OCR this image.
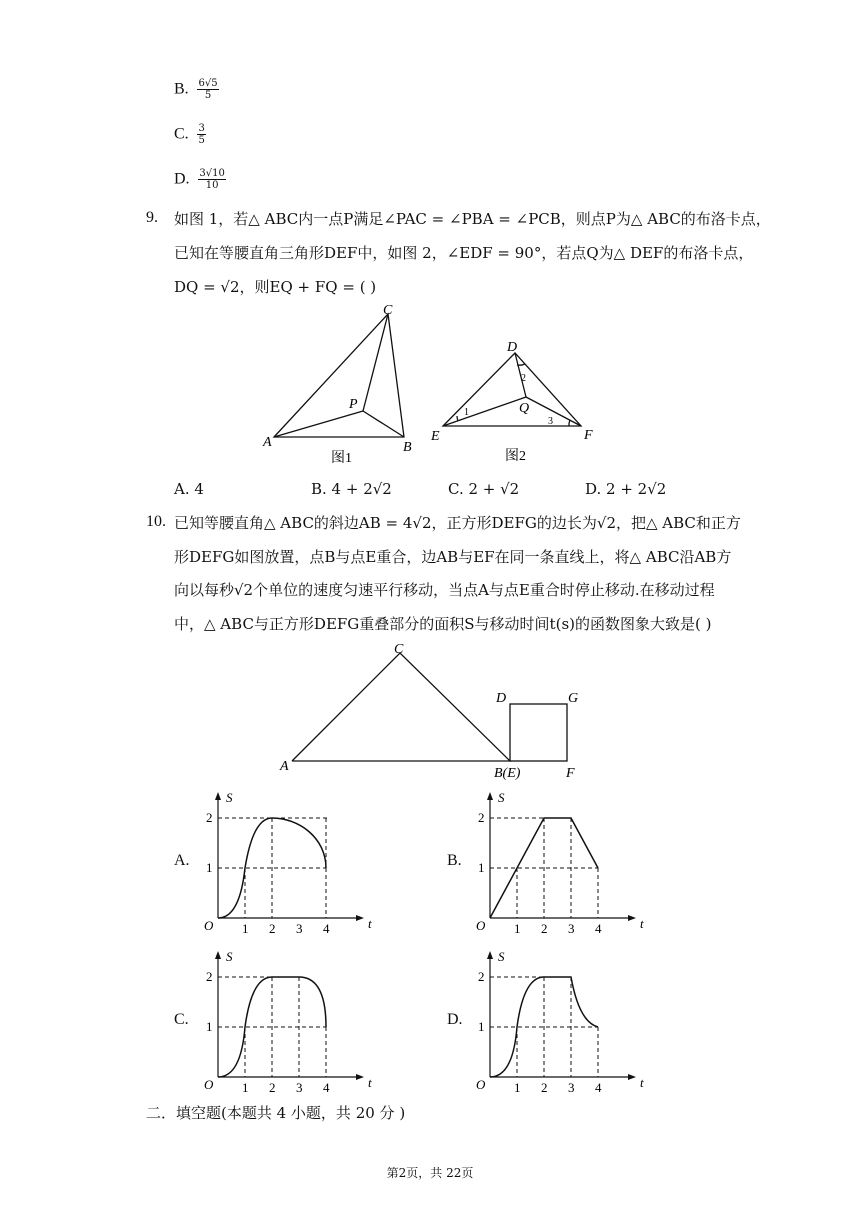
B. $\frac{6√5}{5}$
C. $\frac{3}{5}$
D. $\frac{3√10}{10}$
9. 如图 1，若△ ABC内一点P满足∠PAC = ∠PBA = ∠PCB，则点P为△ ABC的布洛卡点，
已知在等腰直角三角形DEF中，如图 2，∠EDF = 90°，若点Q为△ DEF的布洛卡点，
DQ = √2，则EQ + FQ = ( )
C
A	B
P
图1
D
E	F
Q
1
2
3
图2
A. 4	B. 4 + 2√2	C. 2 + √2	D. 2 + 2√2
10. 已知等腰直角△ ABC的斜边AB = 4√2，正方形DEFG的边长为√2，把△ ABC和正方
形DEFG如图放置，点B与点E重合，边AB与EF在同一条直线上，将△ ABC沿AB方
向以每秒√2个单位的速度匀速平行移动，当点A与点E重合时停止移动.在移动过程
中，△ ABC与正方形DEFG重叠部分的面积S与移动时间t(s)的函数图象大致是( )
C
A	B(E)
D	G
F
A.	B.
C.	D.
S
t
O 1 2 3 4
1
2
S
t
O 1 2 3 4
1
2
S
t
O 1 2 3 4
1
2
S
t
O 1 2 3 4
1
2
二．填空题(本题共 4 小题，共 20 分 )
第2页，共 22页
